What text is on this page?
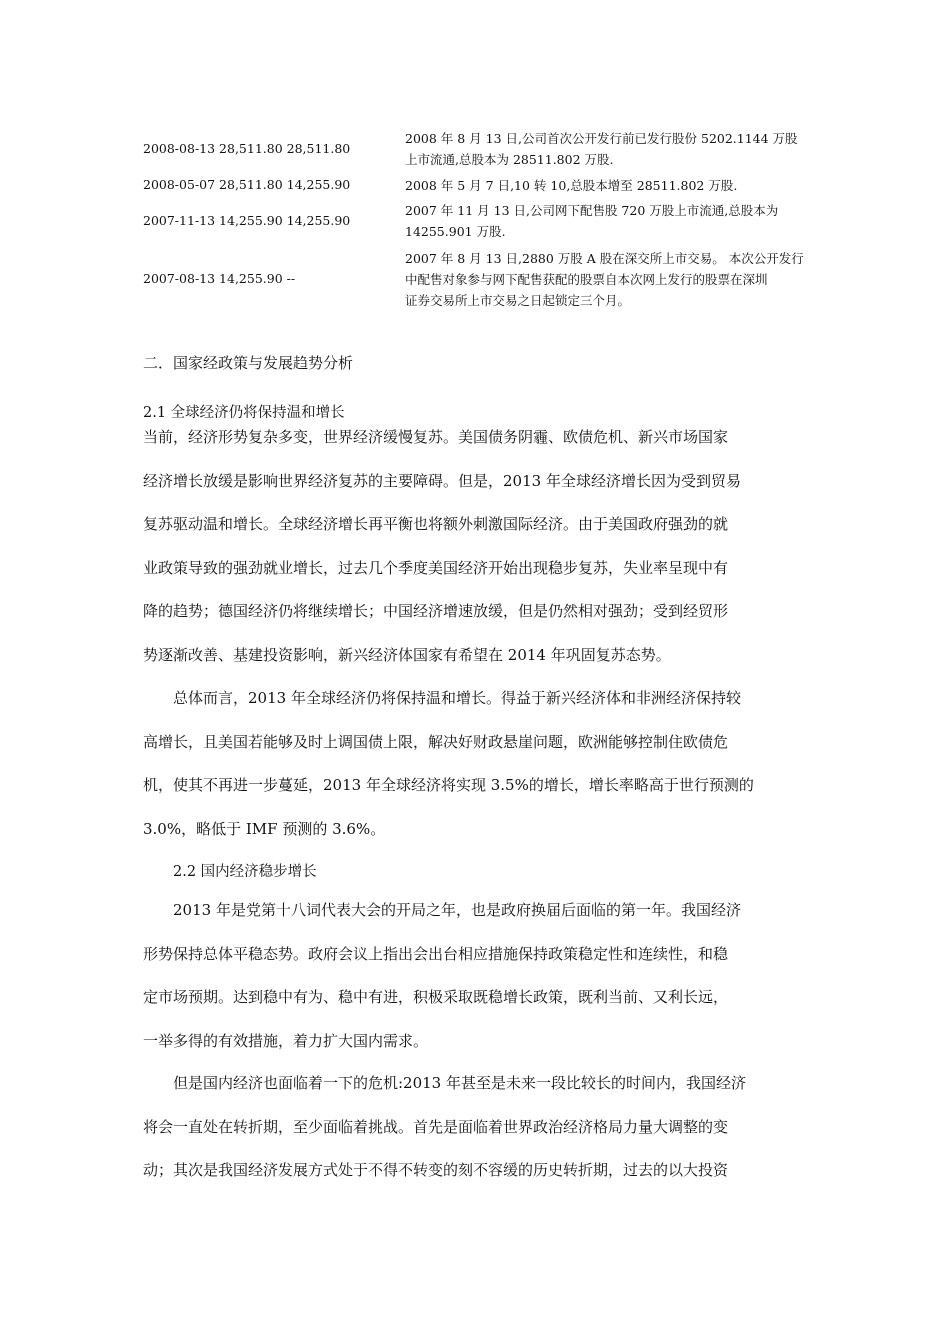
2008-08-13 28,511.80 28,511.80
2008 年 8 月 13 日,公司首次公开发行前已发行股份 5202.1144 万股
上市流通,总股本为 28511.802 万股.
2008-05-07 28,511.80 14,255.90	2008 年 5 月 7 日,10 转 10,总股本增至 28511.802 万股.
2007-11-13 14,255.90 14,255.90
2007 年 11 月 13 日,公司网下配售股 720 万股上市流通,总股本为
14255.901 万股.
2007-08-13 14,255.90 --
2007 年 8 月 13 日,2880 万股 A 股在深交所上市交易。 本次公开发行
中配售对象参与网下配售获配的股票自本次网上发行的股票在深圳
证券交易所上市交易之日起锁定三个月。
二．国家经政策与发展趋势分析
2.1 全球经济仍将保持温和增长
当前，经济形势复杂多变，世界经济缓慢复苏。美国债务阴霾、欧债危机、新兴市场国家
经济增长放缓是影响世界经济复苏的主要障碍。但是，2013 年全球经济增长因为受到贸易
复苏驱动温和增长。全球经济增长再平衡也将额外刺激国际经济。由于美国政府强劲的就
业政策导致的强劲就业增长，过去几个季度美国经济开始出现稳步复苏，失业率呈现中有
降的趋势；德国经济仍将继续增长；中国经济增速放缓，但是仍然相对强劲；受到经贸形
势逐渐改善、基建投资影响，新兴经济体国家有希望在 2014 年巩固复苏态势。
总体而言，2013 年全球经济仍将保持温和增长。得益于新兴经济体和非洲经济保持较
高增长，且美国若能够及时上调国债上限，解决好财政悬崖问题，欧洲能够控制住欧债危
机，使其不再进一步蔓延，2013 年全球经济将实现 3.5%的增长，增长率略高于世行预测的
3.0%，略低于 IMF 预测的 3.6%。
2.2 国内经济稳步增长
2013 年是党第十八词代表大会的开局之年，也是政府换届后面临的第一年。我国经济
形势保持总体平稳态势。政府会议上指出会出台相应措施保持政策稳定性和连续性，和稳
定市场预期。达到稳中有为、稳中有进，积极采取既稳增长政策，既利当前、又利长远，
一举多得的有效措施，着力扩大国内需求。
但是国内经济也面临着一下的危机:2013 年甚至是未来一段比较长的时间内，我国经济
将会一直处在转折期，至少面临着挑战。首先是面临着世界政治经济格局力量大调整的变
动；其次是我国经济发展方式处于不得不转变的刻不容缓的历史转折期，过去的以大投资
